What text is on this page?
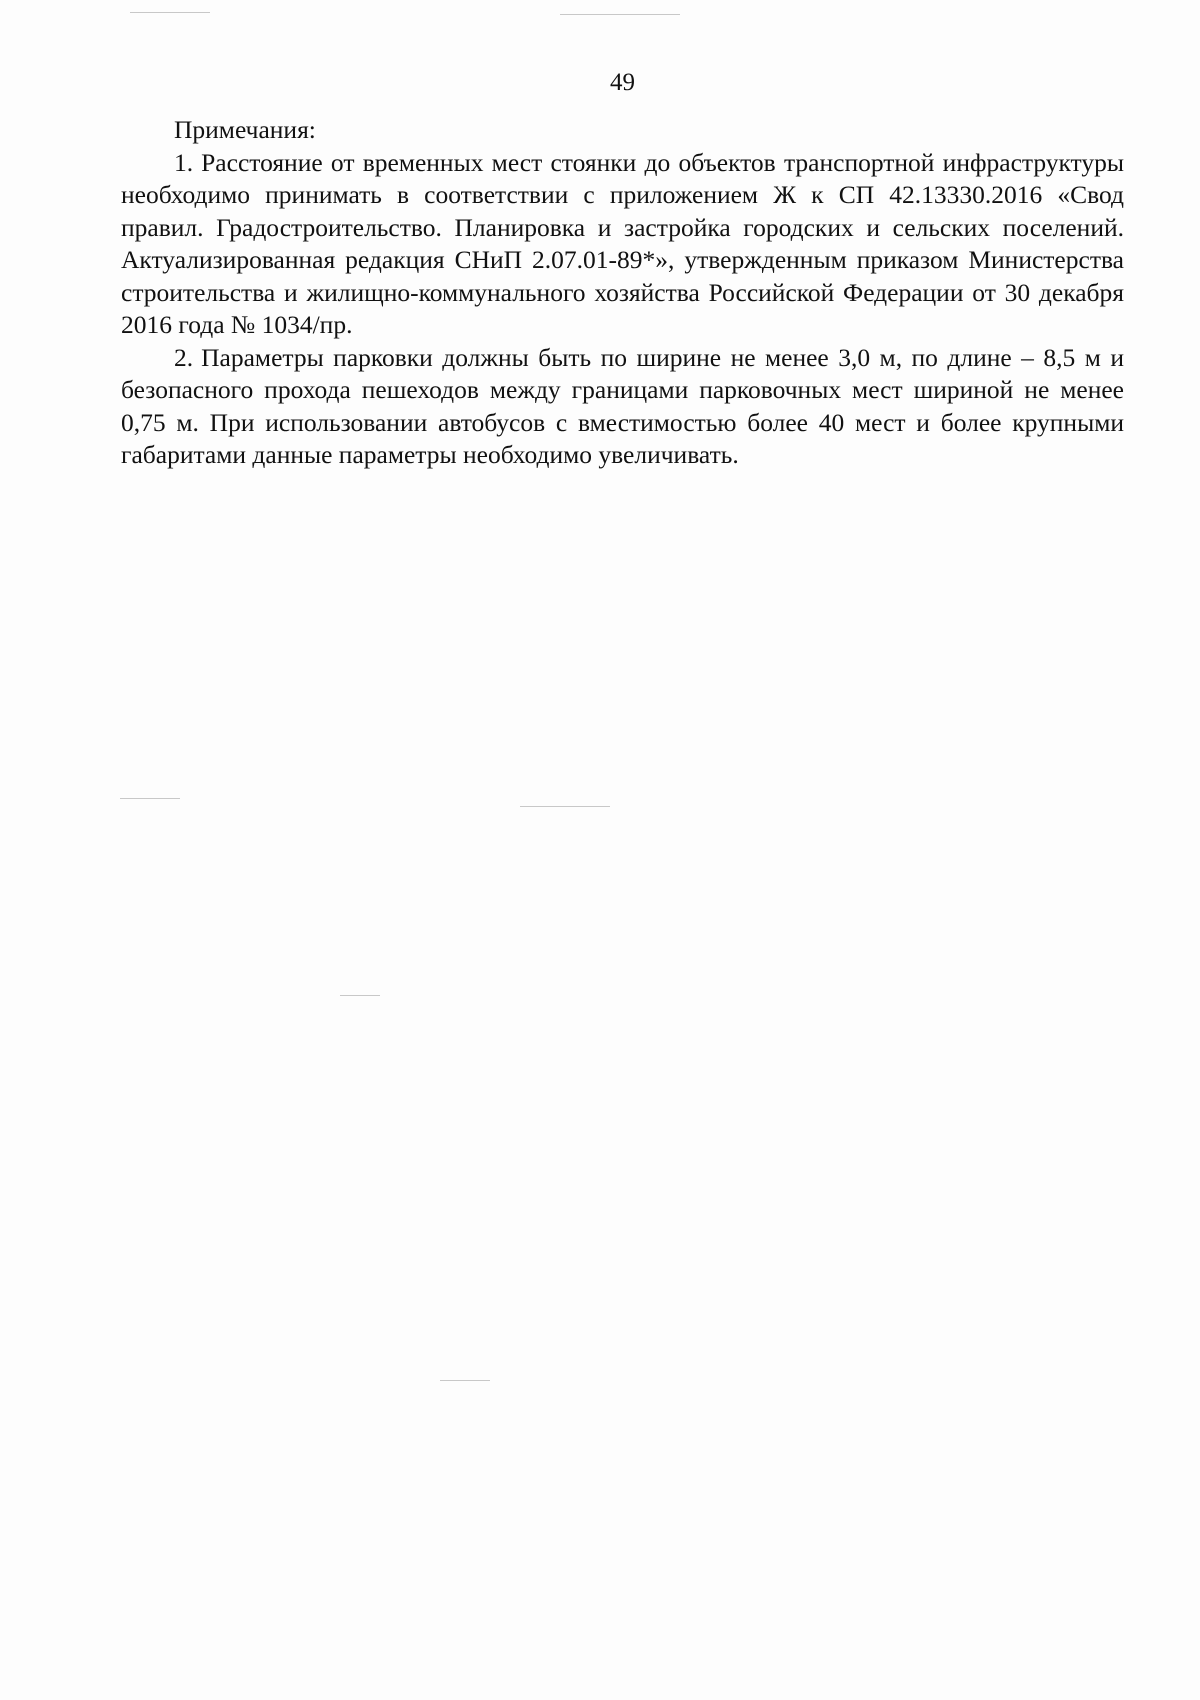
49

Примечания:

1. Расстояние от временных мест стоянки до объектов транспортной инфраструктуры необходимо принимать в соответствии с приложением Ж к СП 42.13330.2016 «Свод правил. Градостроительство. Планировка и застройка городских и сельских поселений. Актуализированная редакция СНиП 2.07.01-89*», утвержденным приказом Министерства строительства и жилищно-коммунального хозяйства Российской Федерации от 30 декабря 2016 года № 1034/пр.

2. Параметры парковки должны быть по ширине не менее 3,0 м, по длине – 8,5 м и безопасного прохода пешеходов между границами парковочных мест шириной не менее 0,75 м. При использовании автобусов с вместимостью более 40 мест и более крупными габаритами данные параметры необходимо увеличивать.
